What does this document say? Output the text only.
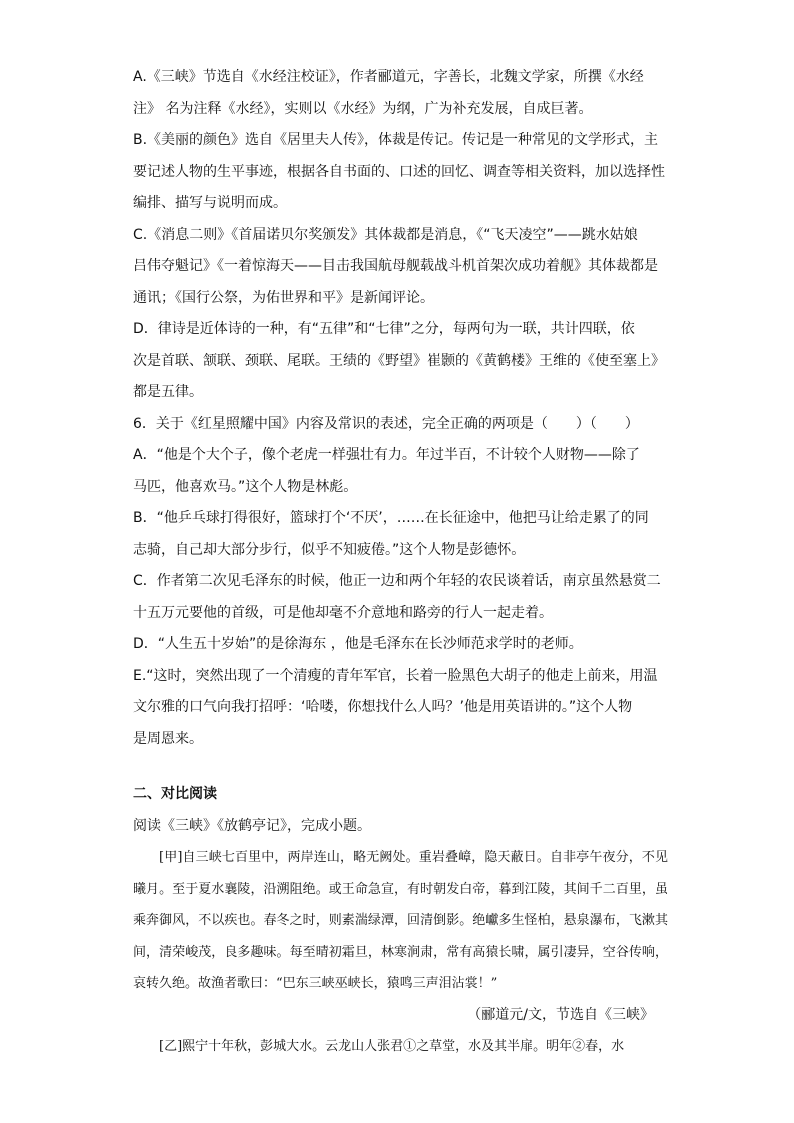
A.《三峡》节选自《水经注校证》，作者郦道元，字善长，北魏文学家，所撰《水经

注》 名为注释《水经》，实则以《水经》为纲，广为补充发展，自成巨著。

B.《美丽的颜色》选自《居里夫人传》，体裁是传记。传记是一种常见的文学形式，主

要记述人物的生平事迹，根据各自书面的、口述的回忆、调查等相关资料，加以选择性

编排、描写与说明而成。

C.《消息二则》《首届诺贝尔奖颁发》其体裁都是消息，《“飞天凌空”——跳水姑娘

吕伟夺魁记》《一着惊海天——目击我国航母舰载战斗机首架次成功着舰》其体裁都是

通讯；《国行公祭，为佑世界和平》是新闻评论。

D．律诗是近体诗的一种，有“五律”和“七律”之分，每两句为一联，共计四联，依

次是首联、颔联、颈联、尾联。王绩的《野望》崔颢的《黄鹤楼》王维的《使至塞上》

都是五律。

6．关于《红星照耀中国》内容及常识的表述，完全正确的两项是（　　）（　　）

A．“他是个大个子，像个老虎一样强壮有力。年过半百，不计较个人财物——除了

马匹，他喜欢马。”这个人物是林彪。

B．“他乒乓球打得很好，篮球打个‘不厌’，……在长征途中，他把马让给走累了的同

志骑，自己却大部分步行，似乎不知疲倦。”这个人物是彭德怀。

C．作者第二次见毛泽东的时候，他正一边和两个年轻的农民谈着话，南京虽然悬赏二

十五万元要他的首级，可是他却毫不介意地和路旁的行人一起走着。

D．“人生五十岁始”的是徐海东 ，他是毛泽东在长沙师范求学时的老师。

E.“这时，突然出现了一个清瘦的青年军官，长着一脸黑色大胡子的他走上前来，用温

文尔雅的口气向我打招呼：‘哈喽，你想找什么人吗？’他是用英语讲的。”这个人物

是周恩来。

二、对比阅读

阅读《三峡》《放鹤亭记》，完成小题。

[甲]自三峡七百里中，两岸连山，略无阙处。重岩叠嶂，隐天蔽日。自非亭午夜分，不见曦月。至于夏水襄陵，沿溯阻绝。或王命急宣，有时朝发白帝，暮到江陵，其间千二百里，虽乘奔御风，不以疾也。春冬之时，则素湍绿潭，回清倒影。绝巘多生怪柏，悬泉瀑布，飞漱其间，清荣峻茂，良多趣味。每至晴初霜旦，林寒涧肃，常有高猿长啸，属引凄异，空谷传响，哀转久绝。故渔者歌曰：“巴东三峡巫峡长，猿鸣三声泪沾裳！”

（郦道元/文，节选自《三峡》

[乙]熙宁十年秋，彭城大水。云龙山人张君①之草堂，水及其半扉。明年②春，水
